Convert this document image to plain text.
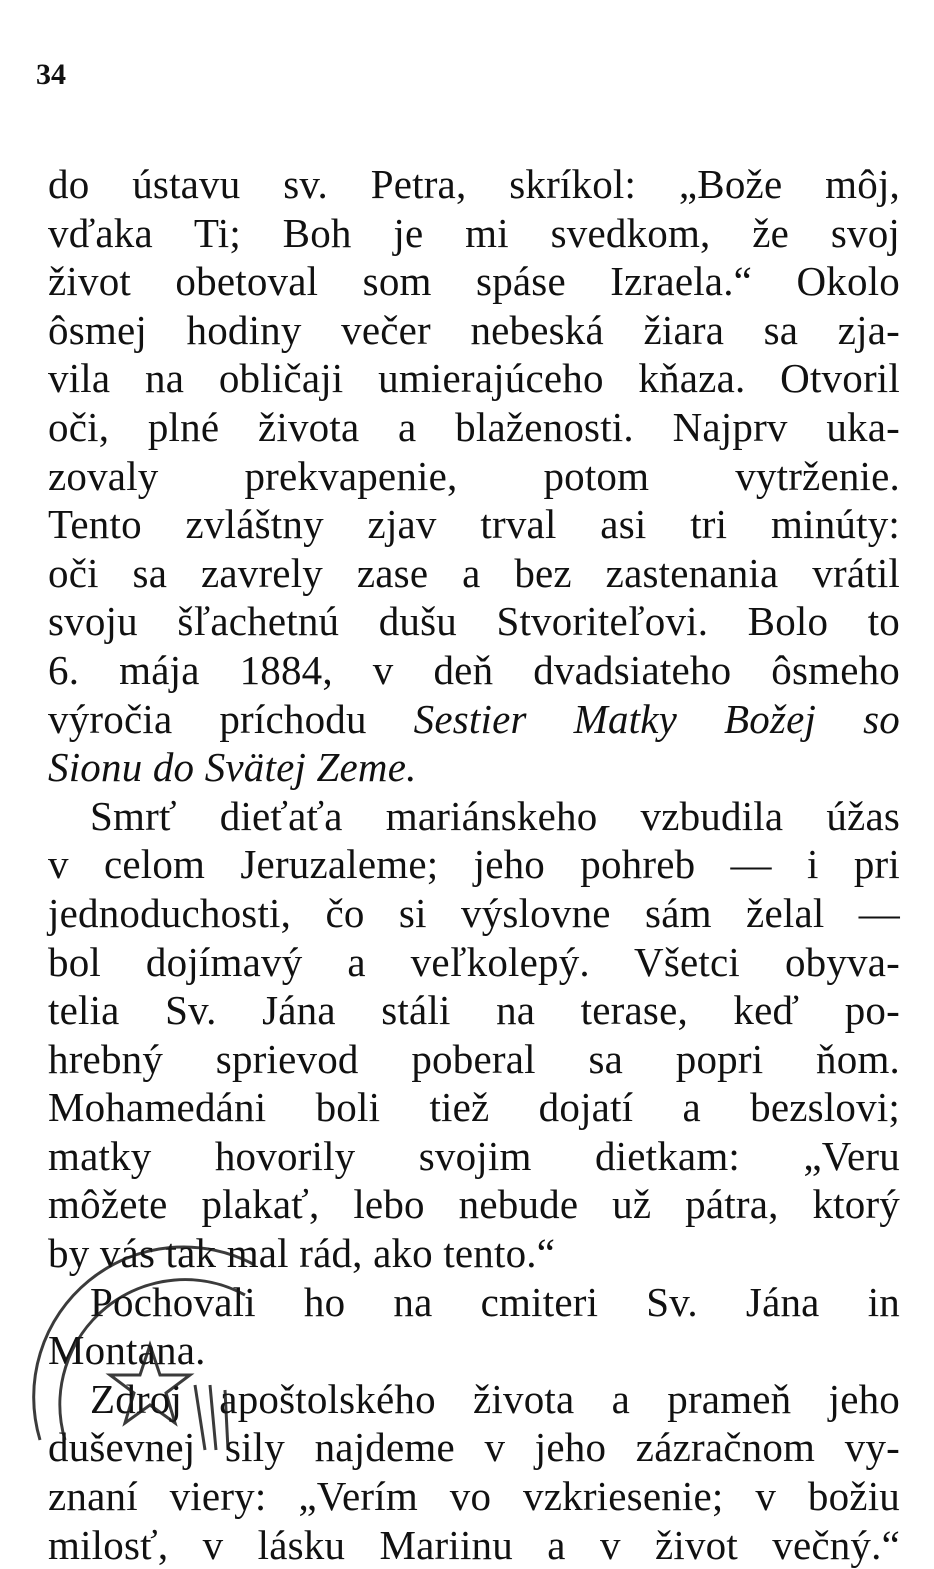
34
do ústavu sv. Petra, skríkol: „Bože môj,
vďaka Ti; Boh je mi svedkom, že svoj
život obetoval som spáse Izraela.“ Okolo
ôsmej hodiny večer nebeská žiara sa zja-
vila na obličaji umierajúceho kňaza. Otvoril
oči, plné života a blaženosti. Najprv uka-
zovaly prekvapenie, potom vytrženie.
Tento zvláštny zjav trval asi tri minúty:
oči sa zavrely zase a bez zastenania vrátil
svoju šľachetnú dušu Stvoriteľovi. Bolo to
6. mája 1884, v deň dvadsiateho ôsmeho
výročia príchodu Sestier Matky Božej so
Sionu do Svätej Zeme.
Smrť dieťaťa mariánskeho vzbudila úžas
v celom Jeruzaleme; jeho pohreb — i pri
jednoduchosti, čo si výslovne sám želal —
bol dojímavý a veľkolepý. Všetci obyva-
telia Sv. Jána stáli na terase, keď po-
hrebný sprievod poberal sa popri ňom.
Mohamedáni boli tiež dojatí a bezslovi;
matky hovorily svojim dietkam: „Veru
môžete plakať, lebo nebude už pátra, ktorý
by vás tak mal rád, ako tento.“
Pochovali ho na cmiteri Sv. Jána in
Montana.
Zdroj apoštolského života a prameň jeho
duševnej sily najdeme v jeho zázračnom vy-
znaní viery: „Verím vo vzkriesenie; v božiu
milosť, v lásku Mariinu a v život večný.“
